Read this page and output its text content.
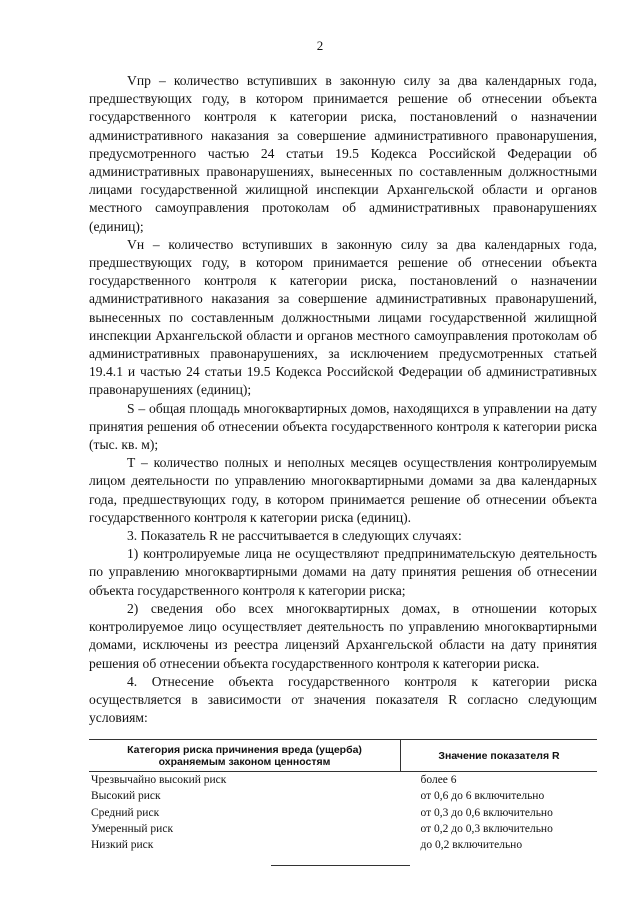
2

Vпр – количество вступивших в законную силу за два календарных года, предшествующих году, в котором принимается решение об отнесении объекта государственного контроля к категории риска, постановлений о назначении административного наказания за совершение административного правонарушения, предусмотренного частью 24 статьи 19.5 Кодекса Российской Федерации об административных правонарушениях, вынесенных по составленным должностными лицами государственной жилищной инспекции Архангельской области и органов местного самоуправления протоколам об административных правонарушениях (единиц);

Vн – количество вступивших в законную силу за два календарных года, предшествующих году, в котором принимается решение об отнесении объекта государственного контроля к категории риска, постановлений о назначении административного наказания за совершение административных правонарушений, вынесенных по составленным должностными лицами государственной жилищной инспекции Архангельской области и органов местного самоуправления протоколам об административных правонарушениях, за исключением предусмотренных статьей 19.4.1 и частью 24 статьи 19.5 Кодекса Российской Федерации об административных правонарушениях (единиц);

S – общая площадь многоквартирных домов, находящихся в управлении на дату принятия решения об отнесении объекта государственного контроля к категории риска (тыс. кв. м);

T – количество полных и неполных месяцев осуществления контролируемым лицом деятельности по управлению многоквартирными домами за два календарных года, предшествующих году, в котором принимается решение об отнесении объекта государственного контроля к категории риска (единиц).

3. Показатель R не рассчитывается в следующих случаях:

1) контролируемые лица не осуществляют предпринимательскую деятельность по управлению многоквартирными домами на дату принятия решения об отнесении объекта государственного контроля к категории риска;

2) сведения обо всех многоквартирных домах, в отношении которых контролируемое лицо осуществляет деятельность по управлению многоквартирными домами, исключены из реестра лицензий Архангельской области на дату принятия решения об отнесении объекта государственного контроля к категории риска.

4. Отнесение объекта государственного контроля к категории риска осуществляется в зависимости от значения показателя R согласно следующим условиям:

Категория риска причинения вреда (ущерба) охраняемым законом ценностям	Значение показателя R
Чрезвычайно высокий риск	более 6
Высокий риск	от 0,6 до 6 включительно
Средний риск	от 0,3 до 0,6 включительно
Умеренный риск	от 0,2 до 0,3 включительно
Низкий риск	до 0,2 включительно
